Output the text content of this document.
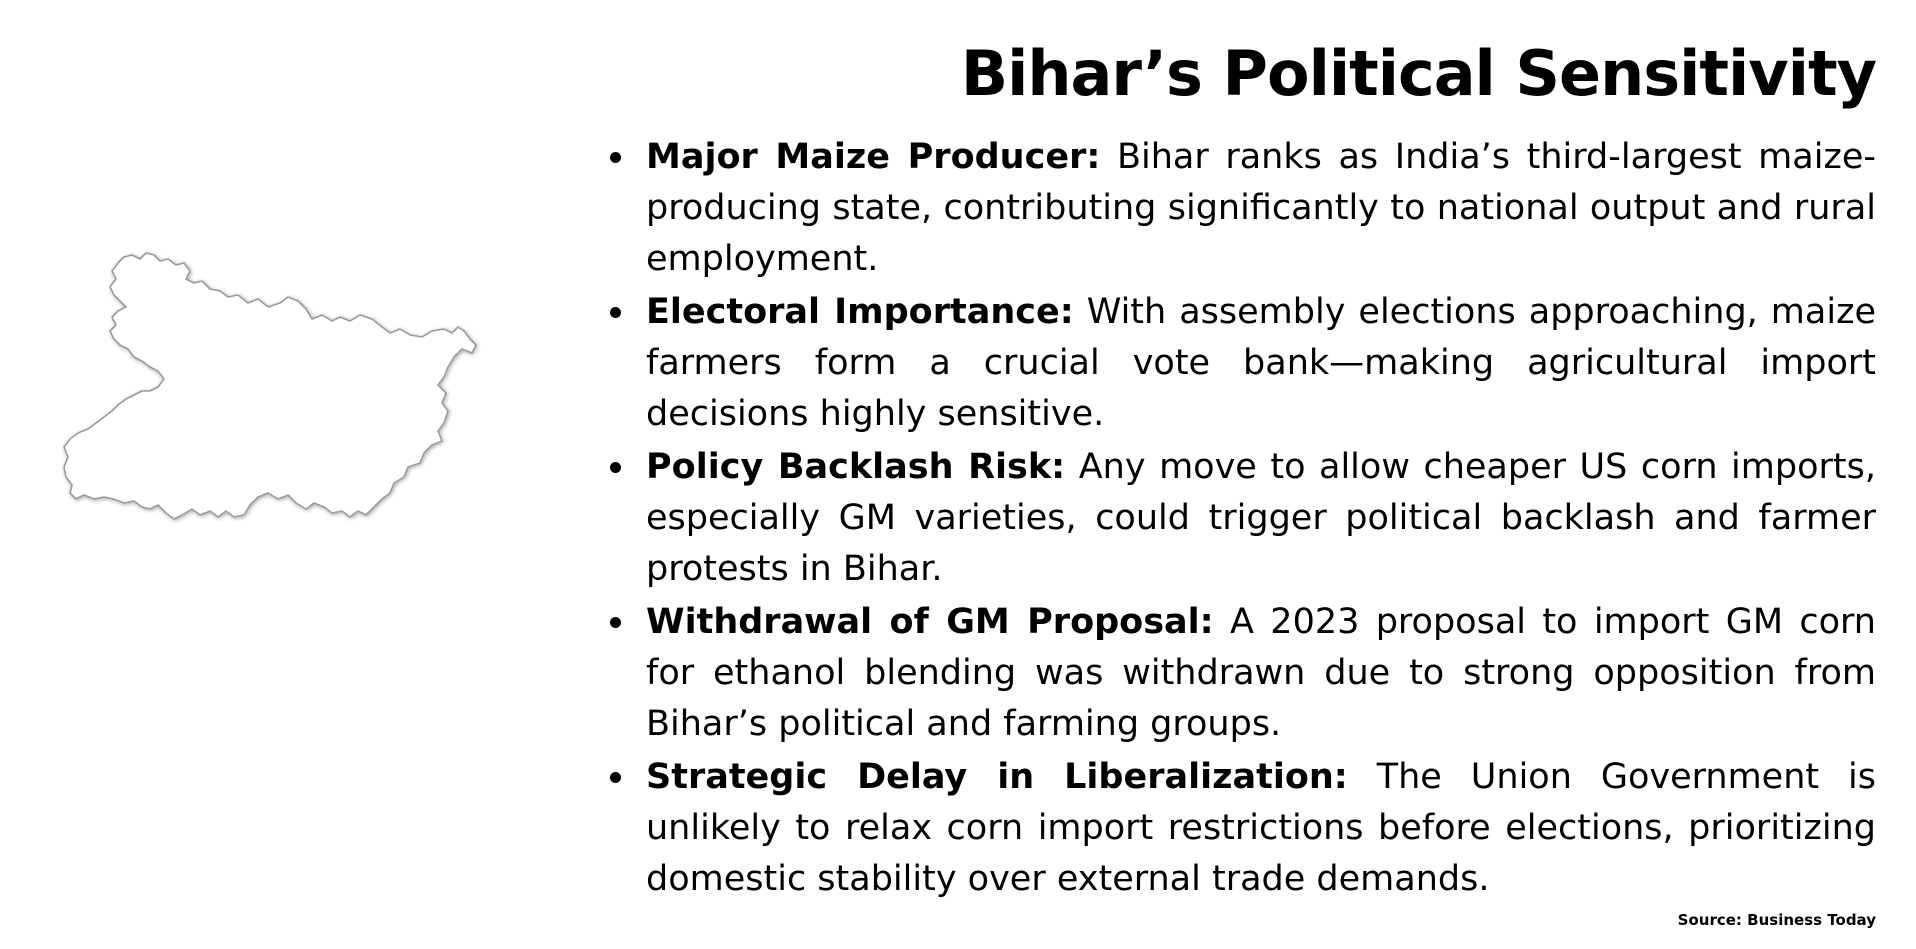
Bihar’s Political Sensitivity
Major Maize Producer: Bihar ranks as India’s third-largest maize-producing state, contributing significantly to national output and rural employment.
Electoral Importance: With assembly elections approaching, maize farmers form a crucial vote bank—making agricultural import decisions highly sensitive.
Policy Backlash Risk: Any move to allow cheaper US corn imports, especially GM varieties, could trigger political backlash and farmer protests in Bihar.
Withdrawal of GM Proposal: A 2023 proposal to import GM corn for ethanol blending was withdrawn due to strong opposition from Bihar’s political and farming groups.
Strategic Delay in Liberalization: The Union Government is unlikely to relax corn import restrictions before elections, prioritizing domestic stability over external trade demands.
Source: Business Today
